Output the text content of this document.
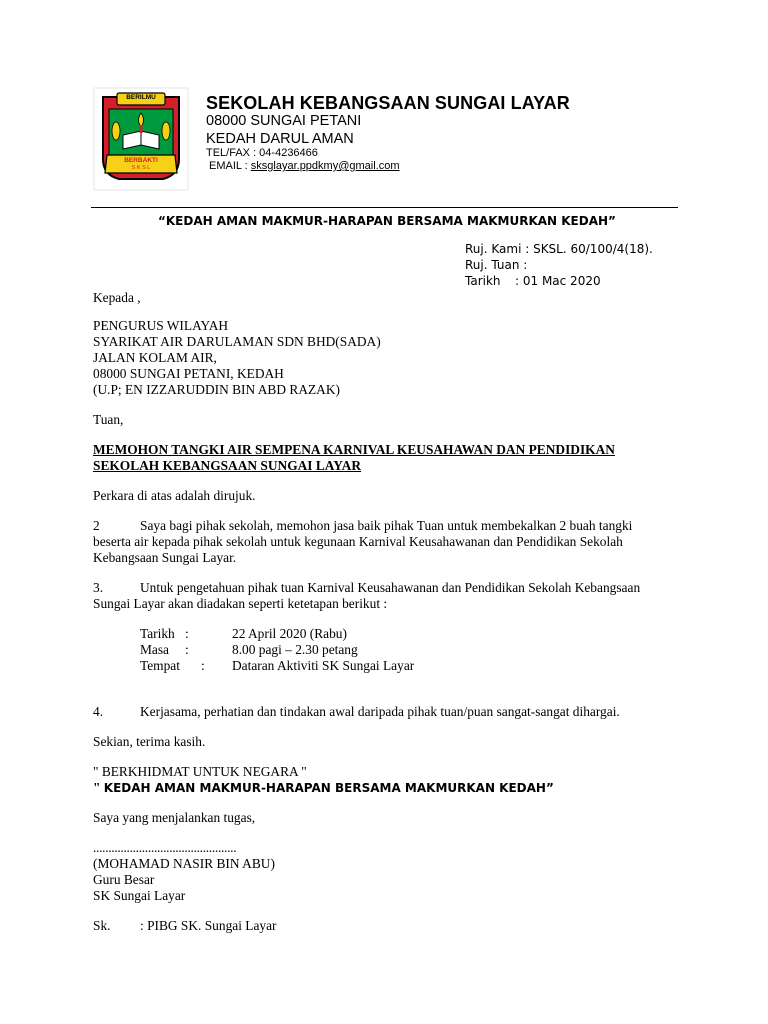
BERILMU
BERBAKTI
S K S L
SEKOLAH KEBANGSAAN SUNGAI LAYAR
08000 SUNGAI PETANI
KEDAH DARUL AMAN
TEL/FAX : 04-4236466
EMAIL : sksglayar.ppdkmy@gmail.com
“KEDAH AMAN MAKMUR-HARAPAN BERSAMA MAKMURKAN KEDAH”
Ruj. Kami : SKSL. 60/100/4(18).
Ruj. Tuan :
Tarikh : 01 Mac 2020
Kepada ,
PENGURUS WILAYAH
SYARIKAT AIR DARULAMAN SDN BHD(SADA)
JALAN KOLAM AIR,
08000 SUNGAI PETANI, KEDAH
(U.P; EN IZZARUDDIN BIN ABD RAZAK)
Tuan,
MEMOHON TANGKI AIR SEMPENA KARNIVAL KEUSAHAWAN DAN PENDIDIKAN
SEKOLAH KEBANGSAAN SUNGAI LAYAR
Perkara di atas adalah dirujuk.
2	Saya bagi pihak sekolah, memohon jasa baik pihak Tuan untuk membekalkan 2 buah tangki
beserta air kepada pihak sekolah untuk kegunaan Karnival Keusahawanan dan Pendidikan Sekolah
Kebangsaan Sungai Layar.
3.	Untuk pengetahuan pihak tuan Karnival Keusahawanan dan Pendidikan Sekolah Kebangsaan
Sungai Layar akan diadakan seperti ketetapan berikut :
Tarikh :	22 April 2020 (Rabu)
Masa :	8.00 pagi – 2.30 petang
Tempat : Dataran Aktiviti SK Sungai Layar
4.	Kerjasama, perhatian dan tindakan awal daripada pihak tuan/puan sangat-sangat dihargai.
Sekian, terima kasih.
" BERKHIDMAT UNTUK NEGARA "
" KEDAH AMAN MAKMUR-HARAPAN BERSAMA MAKMURKAN KEDAH”
Saya yang menjalankan tugas,
...............................................
(MOHAMAD NASIR BIN ABU)
Guru Besar
SK Sungai Layar
Sk. : PIBG SK. Sungai Layar
